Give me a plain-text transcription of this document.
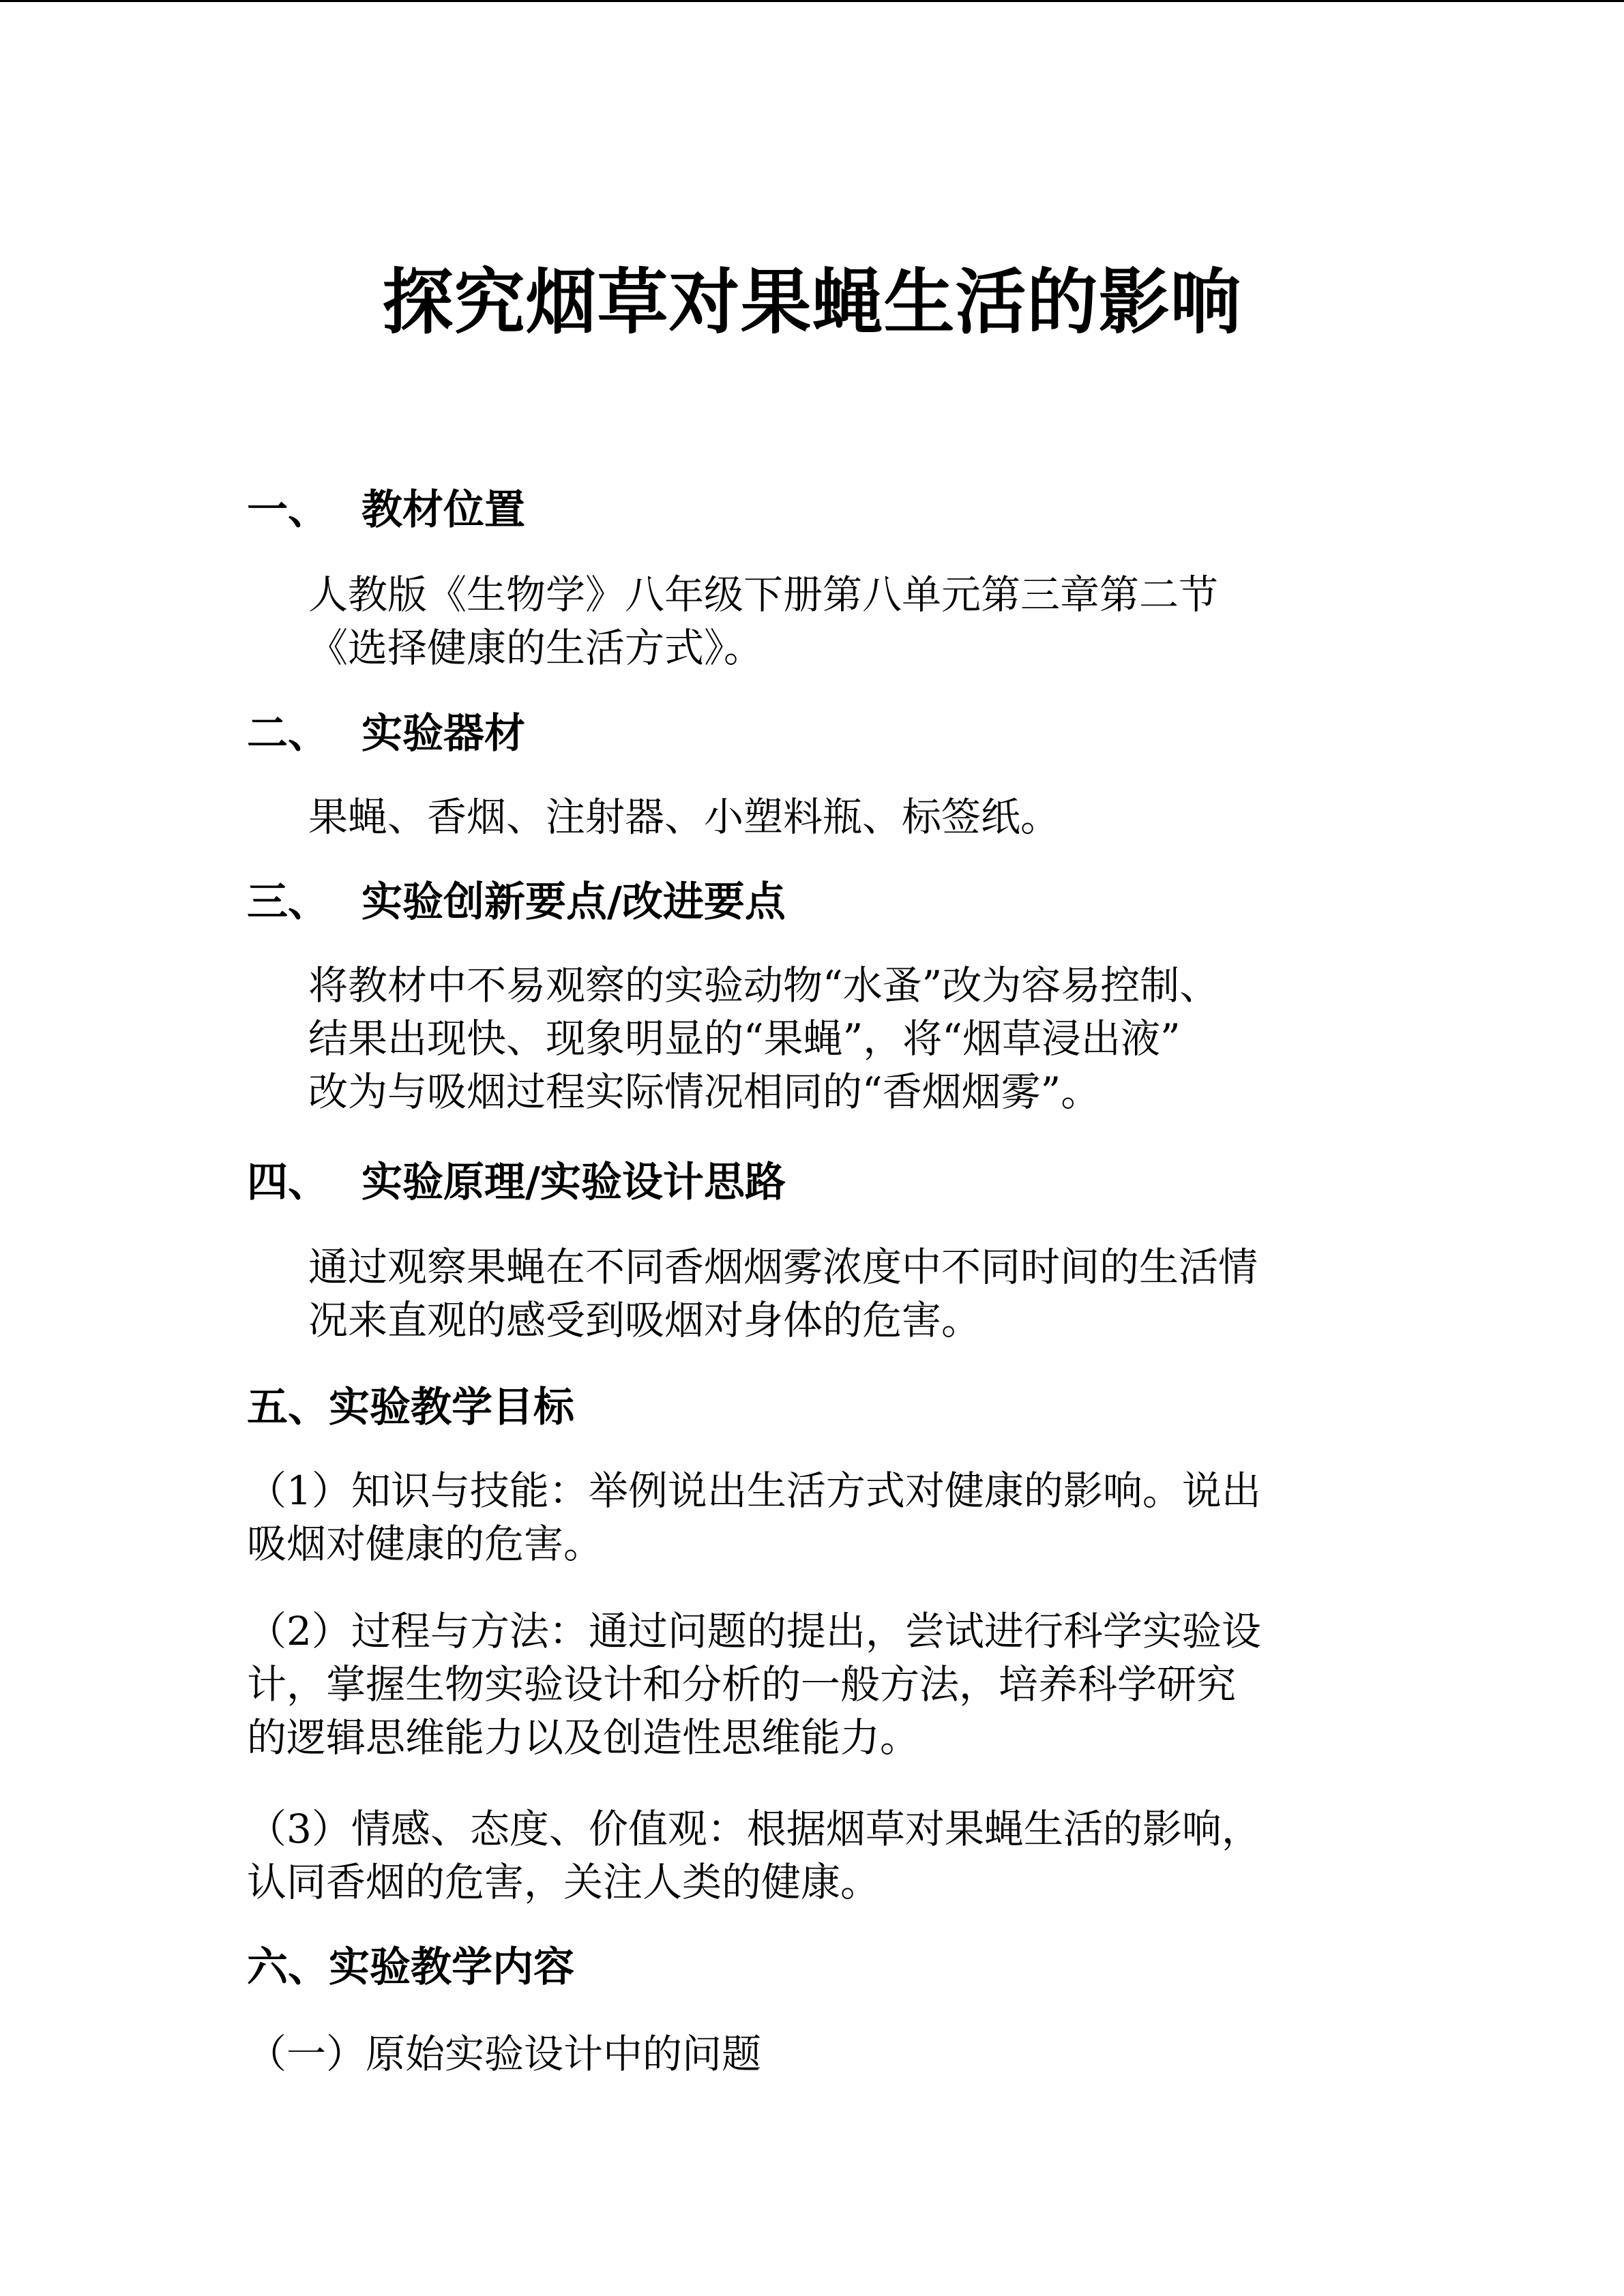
探究烟草对果蝇生活的影响
一、 教材位置

人教版《生物学》八年级下册第八单元第三章第二节
《选择健康的生活方式》。

二、 实验器材

果蝇、香烟、注射器、小塑料瓶、标签纸。

三、 实验创新要点/改进要点

将教材中不易观察的实验动物“水蚤”改为容易控制、
结果出现快、现象明显的“果蝇”，将“烟草浸出液”
改为与吸烟过程实际情况相同的“香烟烟雾”。

四、 实验原理/实验设计思路

通过观察果蝇在不同香烟烟雾浓度中不同时间的生活情
况来直观的感受到吸烟对身体的危害。

五、实验教学目标

（1）知识与技能：举例说出生活方式对健康的影响。说出
吸烟对健康的危害。

（2）过程与方法：通过问题的提出，尝试进行科学实验设
计，掌握生物实验设计和分析的一般方法，培养科学研究
的逻辑思维能力以及创造性思维能力。

（3）情感、态度、价值观：根据烟草对果蝇生活的影响，
认同香烟的危害，关注人类的健康。

六、实验教学内容

（一）原始实验设计中的问题
